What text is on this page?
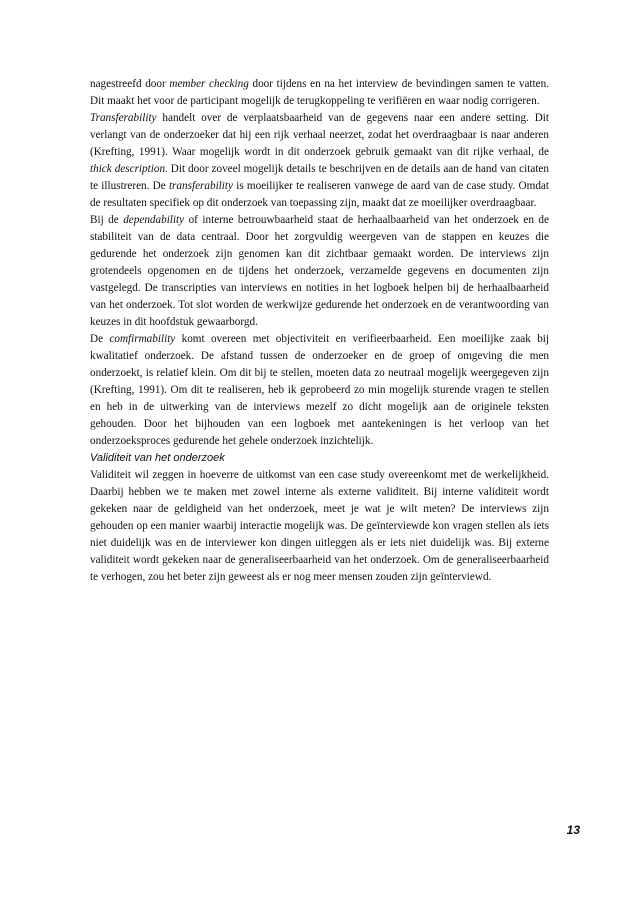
nagestreefd door member checking door tijdens en na het interview de bevindingen samen te vatten. Dit maakt het voor de participant mogelijk de terugkoppeling te verifiëren en waar nodig corrigeren.

Transferability handelt over de verplaatsbaarheid van de gegevens naar een andere setting. Dit verlangt van de onderzoeker dat hij een rijk verhaal neerzet, zodat het overdraagbaar is naar anderen (Krefting, 1991). Waar mogelijk wordt in dit onderzoek gebruik gemaakt van dit rijke verhaal, de thick description. Dit door zoveel mogelijk details te beschrijven en de details aan de hand van citaten te illustreren. De transferability is moeilijker te realiseren vanwege de aard van de case study. Omdat de resultaten specifiek op dit onderzoek van toepassing zijn, maakt dat ze moeilijker overdraagbaar.

Bij de dependability of interne betrouwbaarheid staat de herhaalbaarheid van het onderzoek en de stabiliteit van de data centraal. Door het zorgvuldig weergeven van de stappen en keuzes die gedurende het onderzoek zijn genomen kan dit zichtbaar gemaakt worden. De interviews zijn grotendeels opgenomen en de tijdens het onderzoek, verzamelde gegevens en documenten zijn vastgelegd. De transcripties van interviews en notities in het logboek helpen bij de herhaalbaarheid van het onderzoek. Tot slot worden de werkwijze gedurende het onderzoek en de verantwoording van keuzes in dit hoofdstuk gewaarborgd.

De comfirmability komt overeen met objectiviteit en verifieerbaarheid. Een moeilijke zaak bij kwalitatief onderzoek. De afstand tussen de onderzoeker en de groep of omgeving die men onderzoekt, is relatief klein. Om dit bij te stellen, moeten data zo neutraal mogelijk weergegeven zijn (Krefting, 1991). Om dit te realiseren, heb ik geprobeerd zo min mogelijk sturende vragen te stellen en heb in de uitwerking van de interviews mezelf zo dicht mogelijk aan de originele teksten gehouden. Door het bijhouden van een logboek met aantekeningen is het verloop van het onderzoeksproces gedurende het gehele onderzoek inzichtelijk.

Validiteit van het onderzoek

Validiteit wil zeggen in hoeverre de uitkomst van een case study overeenkomt met de werkelijkheid. Daarbij hebben we te maken met zowel interne als externe validiteit. Bij interne validiteit wordt gekeken naar de geldigheid van het onderzoek, meet je wat je wilt meten? De interviews zijn gehouden op een manier waarbij interactie mogelijk was. De geïnterviewde kon vragen stellen als iets niet duidelijk was en de interviewer kon dingen uitleggen als er iets niet duidelijk was. Bij externe validiteit wordt gekeken naar de generaliseerbaarheid van het onderzoek. Om de generaliseerbaarheid te verhogen, zou het beter zijn geweest als er nog meer mensen zouden zijn geïnterviewd.

13
